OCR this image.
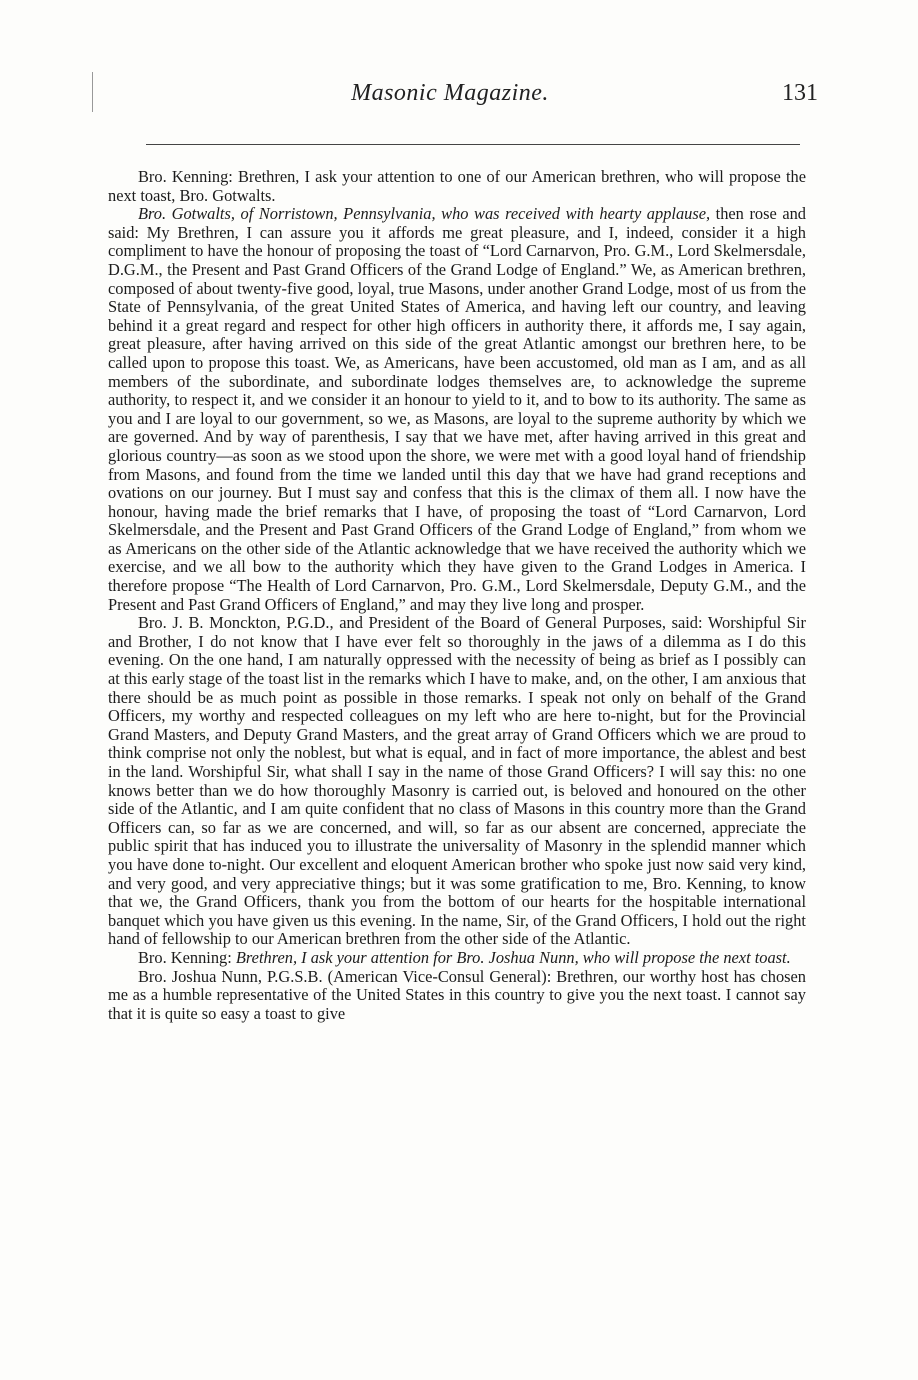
Masonic Magazine.	131

Bro. Kenning: Brethren, I ask your attention to one of our American brethren, who will propose the next toast, Bro. Gotwalts.

Bro. Gotwalts, of Norristown, Pennsylvania, who was received with hearty applause, then rose and said: My Brethren, I can assure you it affords me great pleasure, and I, indeed, consider it a high compliment to have the honour of proposing the toast of “Lord Carnarvon, Pro. G.M., Lord Skelmersdale, D.G.M., the Present and Past Grand Officers of the Grand Lodge of England.” We, as American brethren, composed of about twenty-five good, loyal, true Masons, under another Grand Lodge, most of us from the State of Pennsylvania, of the great United States of America, and having left our country, and leaving behind it a great regard and respect for other high officers in authority there, it affords me, I say again, great pleasure, after having arrived on this side of the great Atlantic amongst our brethren here, to be called upon to propose this toast. We, as Americans, have been accustomed, old man as I am, and as all members of the subordinate, and subordinate lodges themselves are, to acknowledge the supreme authority, to respect it, and we consider it an honour to yield to it, and to bow to its authority. The same as you and I are loyal to our government, so we, as Masons, are loyal to the supreme authority by which we are governed. And by way of parenthesis, I say that we have met, after having arrived in this great and glorious country—as soon as we stood upon the shore, we were met with a good loyal hand of friendship from Masons, and found from the time we landed until this day that we have had grand receptions and ovations on our journey. But I must say and confess that this is the climax of them all. I now have the honour, having made the brief remarks that I have, of proposing the toast of “Lord Carnarvon, Lord Skelmersdale, and the Present and Past Grand Officers of the Grand Lodge of England,” from whom we as Americans on the other side of the Atlantic acknowledge that we have received the authority which we exercise, and we all bow to the authority which they have given to the Grand Lodges in America. I therefore propose “The Health of Lord Carnarvon, Pro. G.M., Lord Skelmersdale, Deputy G.M., and the Present and Past Grand Officers of England,” and may they live long and prosper.

Bro. J. B. Monckton, P.G.D., and President of the Board of General Purposes, said: Worshipful Sir and Brother, I do not know that I have ever felt so thoroughly in the jaws of a dilemma as I do this evening. On the one hand, I am naturally oppressed with the necessity of being as brief as I possibly can at this early stage of the toast list in the remarks which I have to make, and, on the other, I am anxious that there should be as much point as possible in those remarks. I speak not only on behalf of the Grand Officers, my worthy and respected colleagues on my left who are here to-night, but for the Provincial Grand Masters, and Deputy Grand Masters, and the great array of Grand Officers which we are proud to think comprise not only the noblest, but what is equal, and in fact of more importance, the ablest and best in the land. Worshipful Sir, what shall I say in the name of those Grand Officers? I will say this: no one knows better than we do how thoroughly Masonry is carried out, is beloved and honoured on the other side of the Atlantic, and I am quite confident that no class of Masons in this country more than the Grand Officers can, so far as we are concerned, and will, so far as our absent are concerned, appreciate the public spirit that has induced you to illustrate the universality of Masonry in the splendid manner which you have done to-night. Our excellent and eloquent American brother who spoke just now said very kind, and very good, and very appreciative things; but it was some gratification to me, Bro. Kenning, to know that we, the Grand Officers, thank you from the bottom of our hearts for the hospitable international banquet which you have given us this evening. In the name, Sir, of the Grand Officers, I hold out the right hand of fellowship to our American brethren from the other side of the Atlantic.

Bro. Kenning: Brethren, I ask your attention for Bro. Joshua Nunn, who will propose the next toast.

Bro. Joshua Nunn, P.G.S.B. (American Vice-Consul General): Brethren, our worthy host has chosen me as a humble representative of the United States in this country to give you the next toast. I cannot say that it is quite so easy a toast to give
